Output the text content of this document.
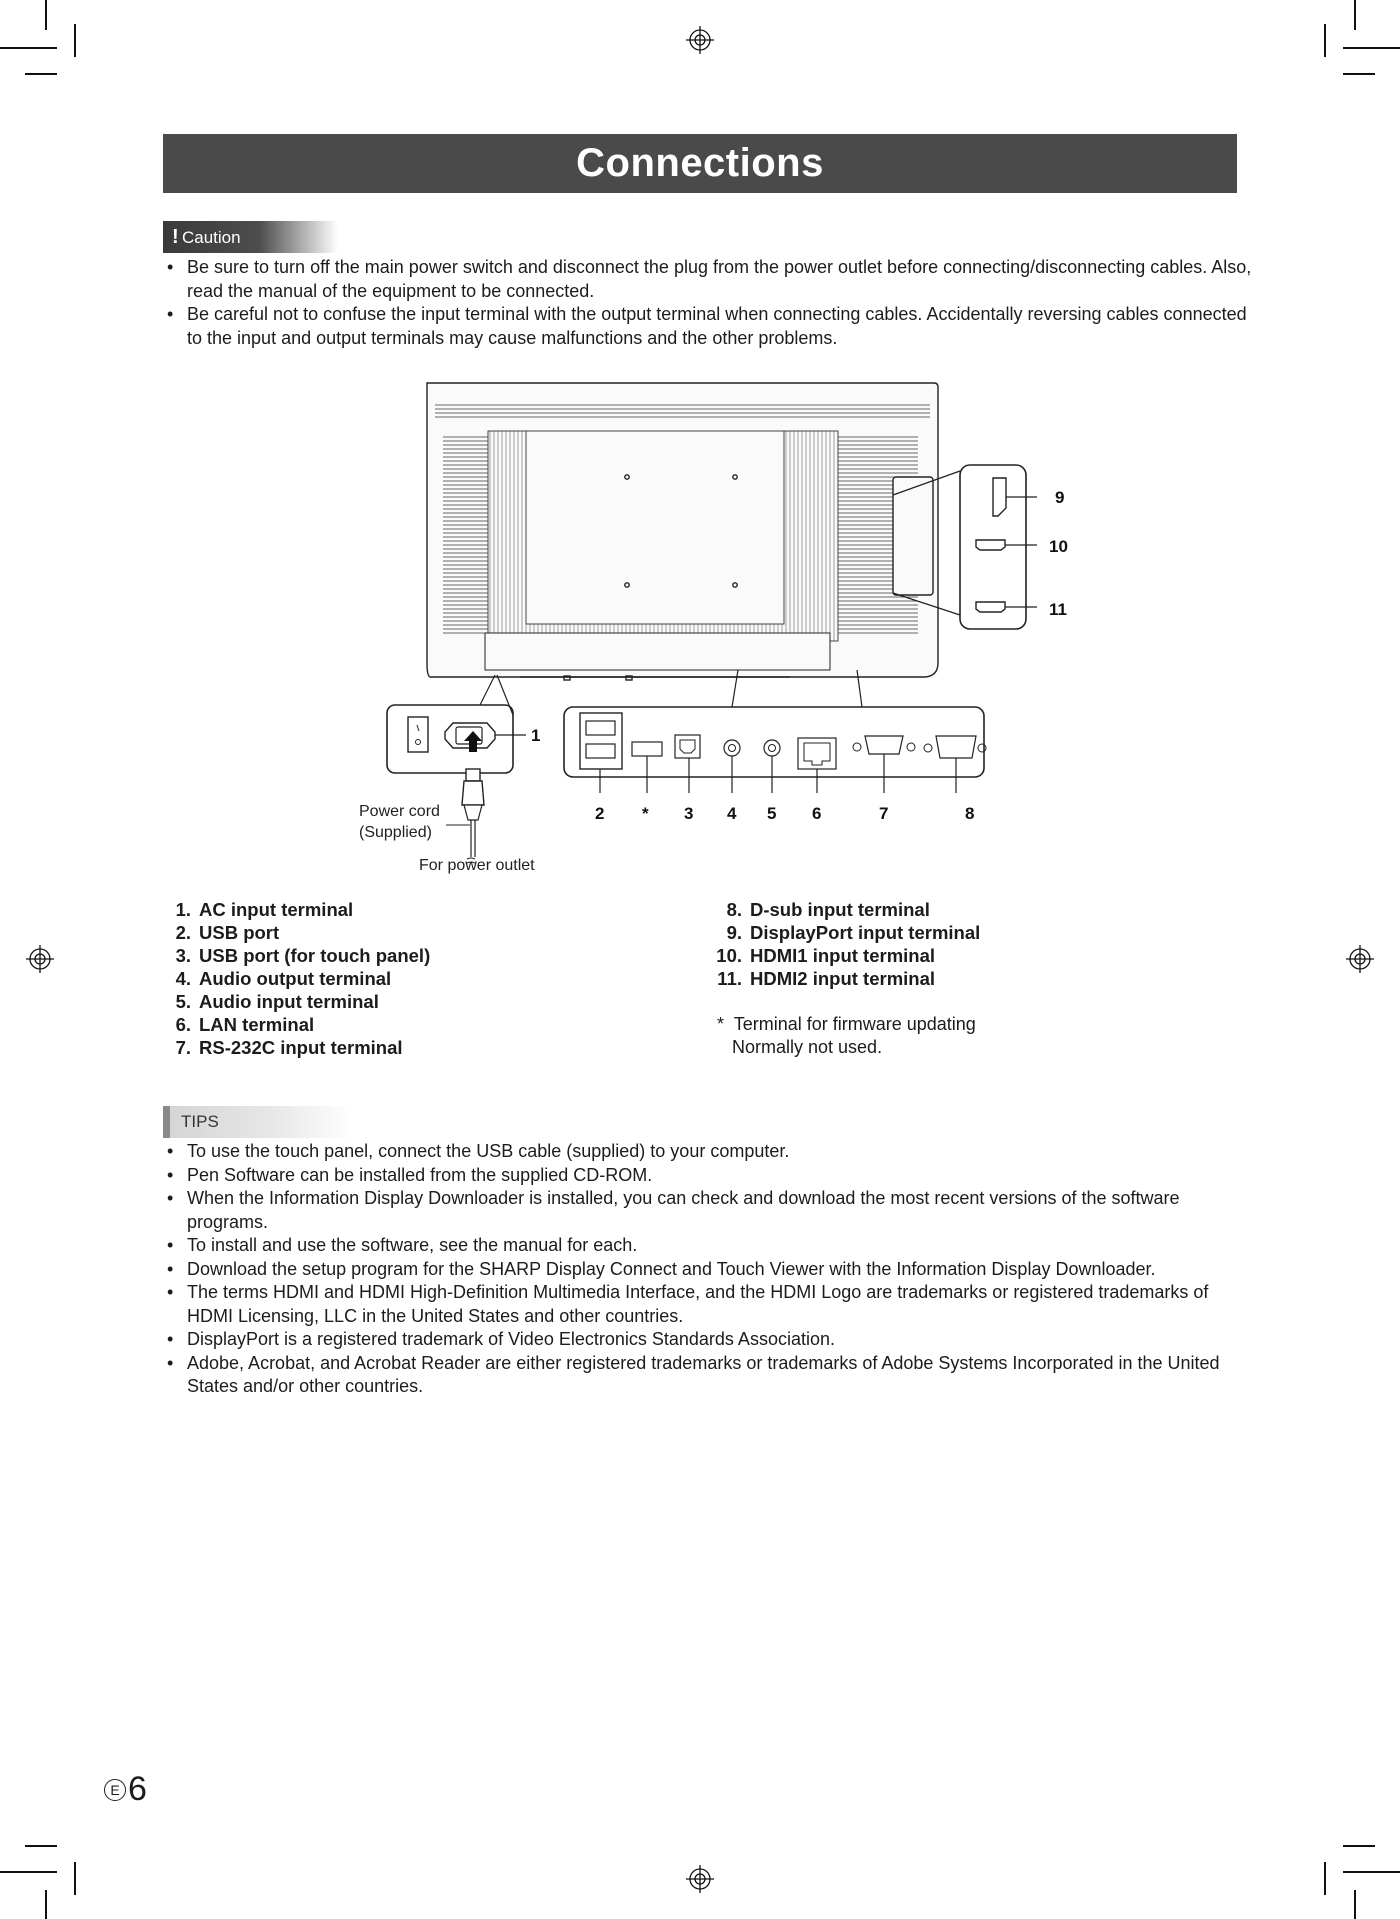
Connections
! Caution
• Be sure to turn off the main power switch and disconnect the plug from the power outlet before connecting/disconnecting cables. Also, read the manual of the equipment to be connected.
• Be careful not to confuse the input terminal with the output terminal when connecting cables. Accidentally reversing cables connected to the input and output terminals may cause malfunctions and the other problems.
1
2 * 3 4 5 6	7	8
9
10
11
Power cord
(Supplied)
For power outlet
1. AC input terminal
2. USB port
3. USB port (for touch panel)
4. Audio output terminal
5. Audio input terminal
6. LAN terminal
7. RS-232C input terminal
8. D-sub input terminal
9. DisplayPort input terminal
10. HDMI1 input terminal
11. HDMI2 input terminal
* Terminal for firmware updating
Normally not used.
TIPS
• To use the touch panel, connect the USB cable (supplied) to your computer.
• Pen Software can be installed from the supplied CD-ROM.
• When the Information Display Downloader is installed, you can check and download the most recent versions of the software programs.
• To install and use the software, see the manual for each.
• Download the setup program for the SHARP Display Connect and Touch Viewer with the Information Display Downloader.
• The terms HDMI and HDMI High-Definition Multimedia Interface, and the HDMI Logo are trademarks or registered trademarks of HDMI Licensing, LLC in the United States and other countries.
• DisplayPort is a registered trademark of Video Electronics Standards Association.
• Adobe, Acrobat, and Acrobat Reader are either registered trademarks or trademarks of Adobe Systems Incorporated in the United States and/or other countries.
E 6
